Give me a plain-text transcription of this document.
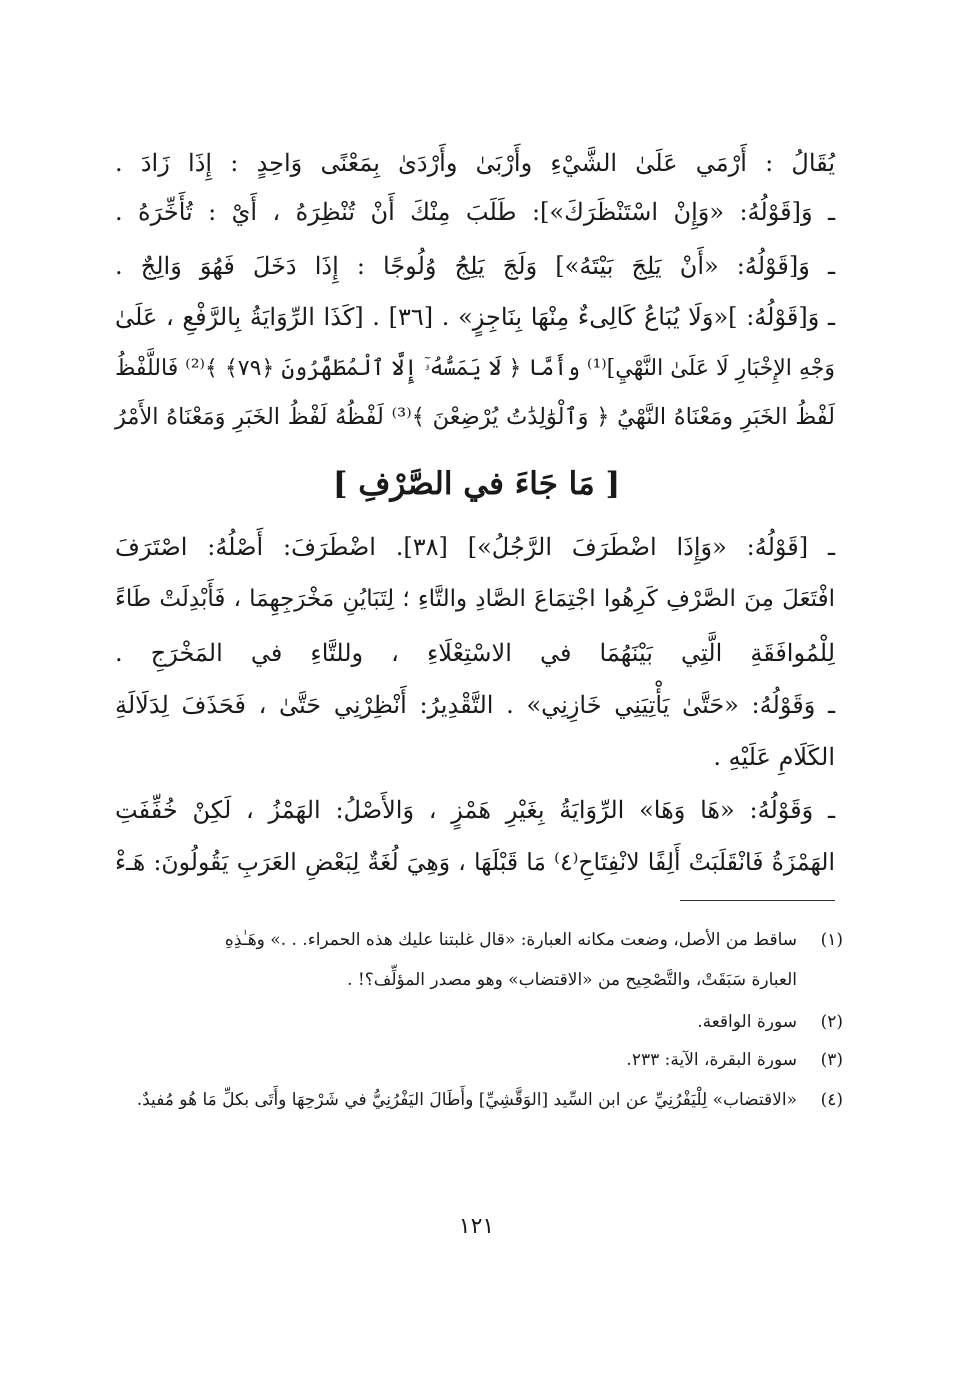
يُقَالُ : أَرْمَي عَلَىٰ الشَّيْءِ وأَرْبَىٰ وأَرْدَىٰ بِمَعْنًى وَاحِدٍ : إِذَا زَادَ .
ـ وَ[قَوْلُهُ: «وَإِنْ اسْتَنْظَرَكَ»]: طَلَبَ مِنْكَ أَنْ تُنْظِرَهُ ، أَيْ : تُأَخِّرَهُ .
ـ وَ[قَوْلُهُ: «أَنْ يَلِجَ بَيْتَهُ»] وَلَجَ يَلِجُ وُلُوجًا : إِذَا دَخَلَ فَهُوَ وَالِجٌ .
ـ وَ[قَوْلُهُ: ]«وَلَا يُبَاعُ كَالِىءٌ مِنْهَا بِنَاجِزٍ» . [٣٦] . [كَذَا الرِّوَايَةُ بِالرَّفْعِ ، عَلَىٰ
وَجْهِ الإِخْبَارِ لَا عَلَىٰ النَّهْيِ]⁽¹⁾ وأَمَّا ﴿ لَا يَمَسُّهُۥٓ إِلَّا ٱلْمُطَهَّرُونَ ﴿٧٩﴾ ﴾⁽²⁾ فَاللَّفْظُ
لَفْظُ الخَبَرِ ومَعْنَاهُ النَّهْيُ ﴿ وَٱلْوَٰلِدَٰتُ يُرْضِعْنَ ﴾⁽³⁾ لَفْظُهُ لَفْظُ الخَبَرِ وَمَعْنَاهُ الأَمْرُ
[ مَا جَاءَ في الصَّرْفِ ]
ـ [قَوْلُهُ: «وَإِذَا اضْطَرَفَ الرَّجُلُ»] [٣٨]. اضْطَرَفَ: أَصْلُهُ: اصْتَرَفَ
افْتَعَلَ مِنَ الصَّرْفِ كَرِهُوا اجْتِمَاعَ الصَّادِ والتَّاءِ ؛ لِتَبَايُنِ مَخْرَجِهِمَا ، فَأَبْدِلَتْ طَاءً
لِلْمُوافَقَةِ الَّتِي بَيْنَهُمَا في الاسْتِعْلَاءِ ، وللتَّاءِ في المَخْرَجِ .
ـ وَقَوْلُهُ: «حَتَّىٰ يَأْتِيَنِي خَازِنِي» . التَّقْدِيرُ: أَنْظِرْنِي حَتَّىٰ ، فَحَذَفَ لِدَلَالَةِ
الكَلَامِ عَلَيْهِ .
ـ وَقَوْلُهُ: «هَا وَهَا» الرِّوَايَةُ بِغَيْرِ هَمْزٍ ، وَالأَصْلُ: الهَمْزُ ، لَكِنْ خُفِّفَتِ
الهَمْزَةُ فَانْقَلَبَتْ أَلِفًا لانْفِتَاحِ⁽٤⁾ مَا قَبْلَهَا ، وَهِيَ لُغَةٌ لِبَعْضِ العَرَبِ يَقُولُونَ: هَـءْ
(١)ساقط من الأصل، وضعت مكانه العبارة: «قال غلبتنا عليك هذه الحمراء. . .» وهَـٰذِهِ
العبارة سَبَقَتْ، والتَّصْحِيح من «الاقتضاب» وهو مصدر المؤلِّف؟! .
(٢)سورة الواقعة.
(٣)سورة البقرة، الآية: ٢٣٣.
(٤)«الاقتضاب» لِلْيَفْرُنِيِّ عن ابن السِّيد [الوَقَّشِيِّ] وأَطَالَ اليَفْرُنِيُّ في شَرْحِهَا وأَتَى بكلِّ مَا هُو مُفيدٌ.
١٢١
